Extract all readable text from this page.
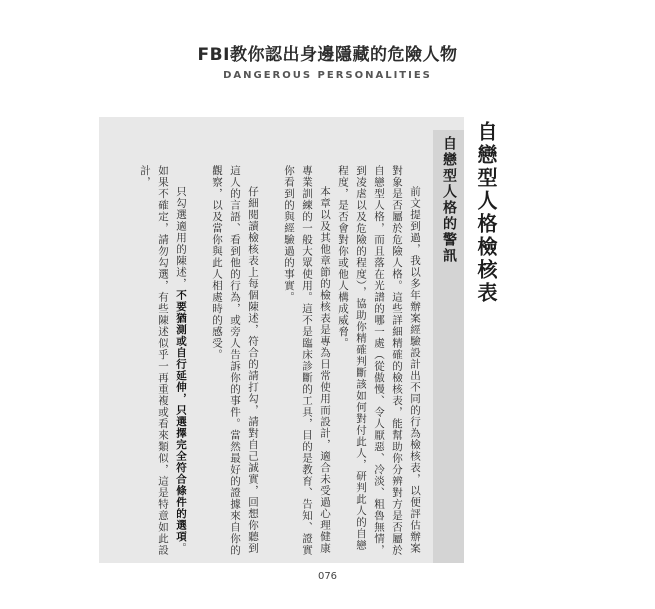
FBI教你認出身邊隱藏的危險人物
DANGEROUS PERSONALITIES
自戀型人格檢核表
自戀型人格的警訊

前文提到過，我以多年辦案經驗設計出不同的行為檢核表，以便評估辦案對象是否屬於危險人格。這些詳細精確的檢核表，能幫助你分辨對方是否屬於自戀型人格，而且落在光譜的哪一處（從傲慢、令人厭惡、冷淡、粗魯無情，到凌虐以及危險的程度），協助你精確判斷該如何對付此人，研判此人的自戀程度，是否會對你或他人構成威脅。

本章以及其他章節的檢核表是專為日常使用而設計，適合未受過心理健康專業訓練的一般大眾使用。這不是臨床診斷的工具，目的是教育、告知、證實你看到的與經驗過的事實。

仔細閱讀檢核表上每個陳述，符合的請打勾，請對自己誠實，回想你聽到這人的言語、看到他的行為，或旁人告訴你的事件。當然最好的證據來自你的觀察，以及當你與此人相處時的感受。

只勾選適用的陳述，不要猶測或自行延伸，只選擇完全符合條件的選項。如果不確定，請勿勾選，有些陳述似乎一再重複或看來類似，這是特意如此設計，

076
